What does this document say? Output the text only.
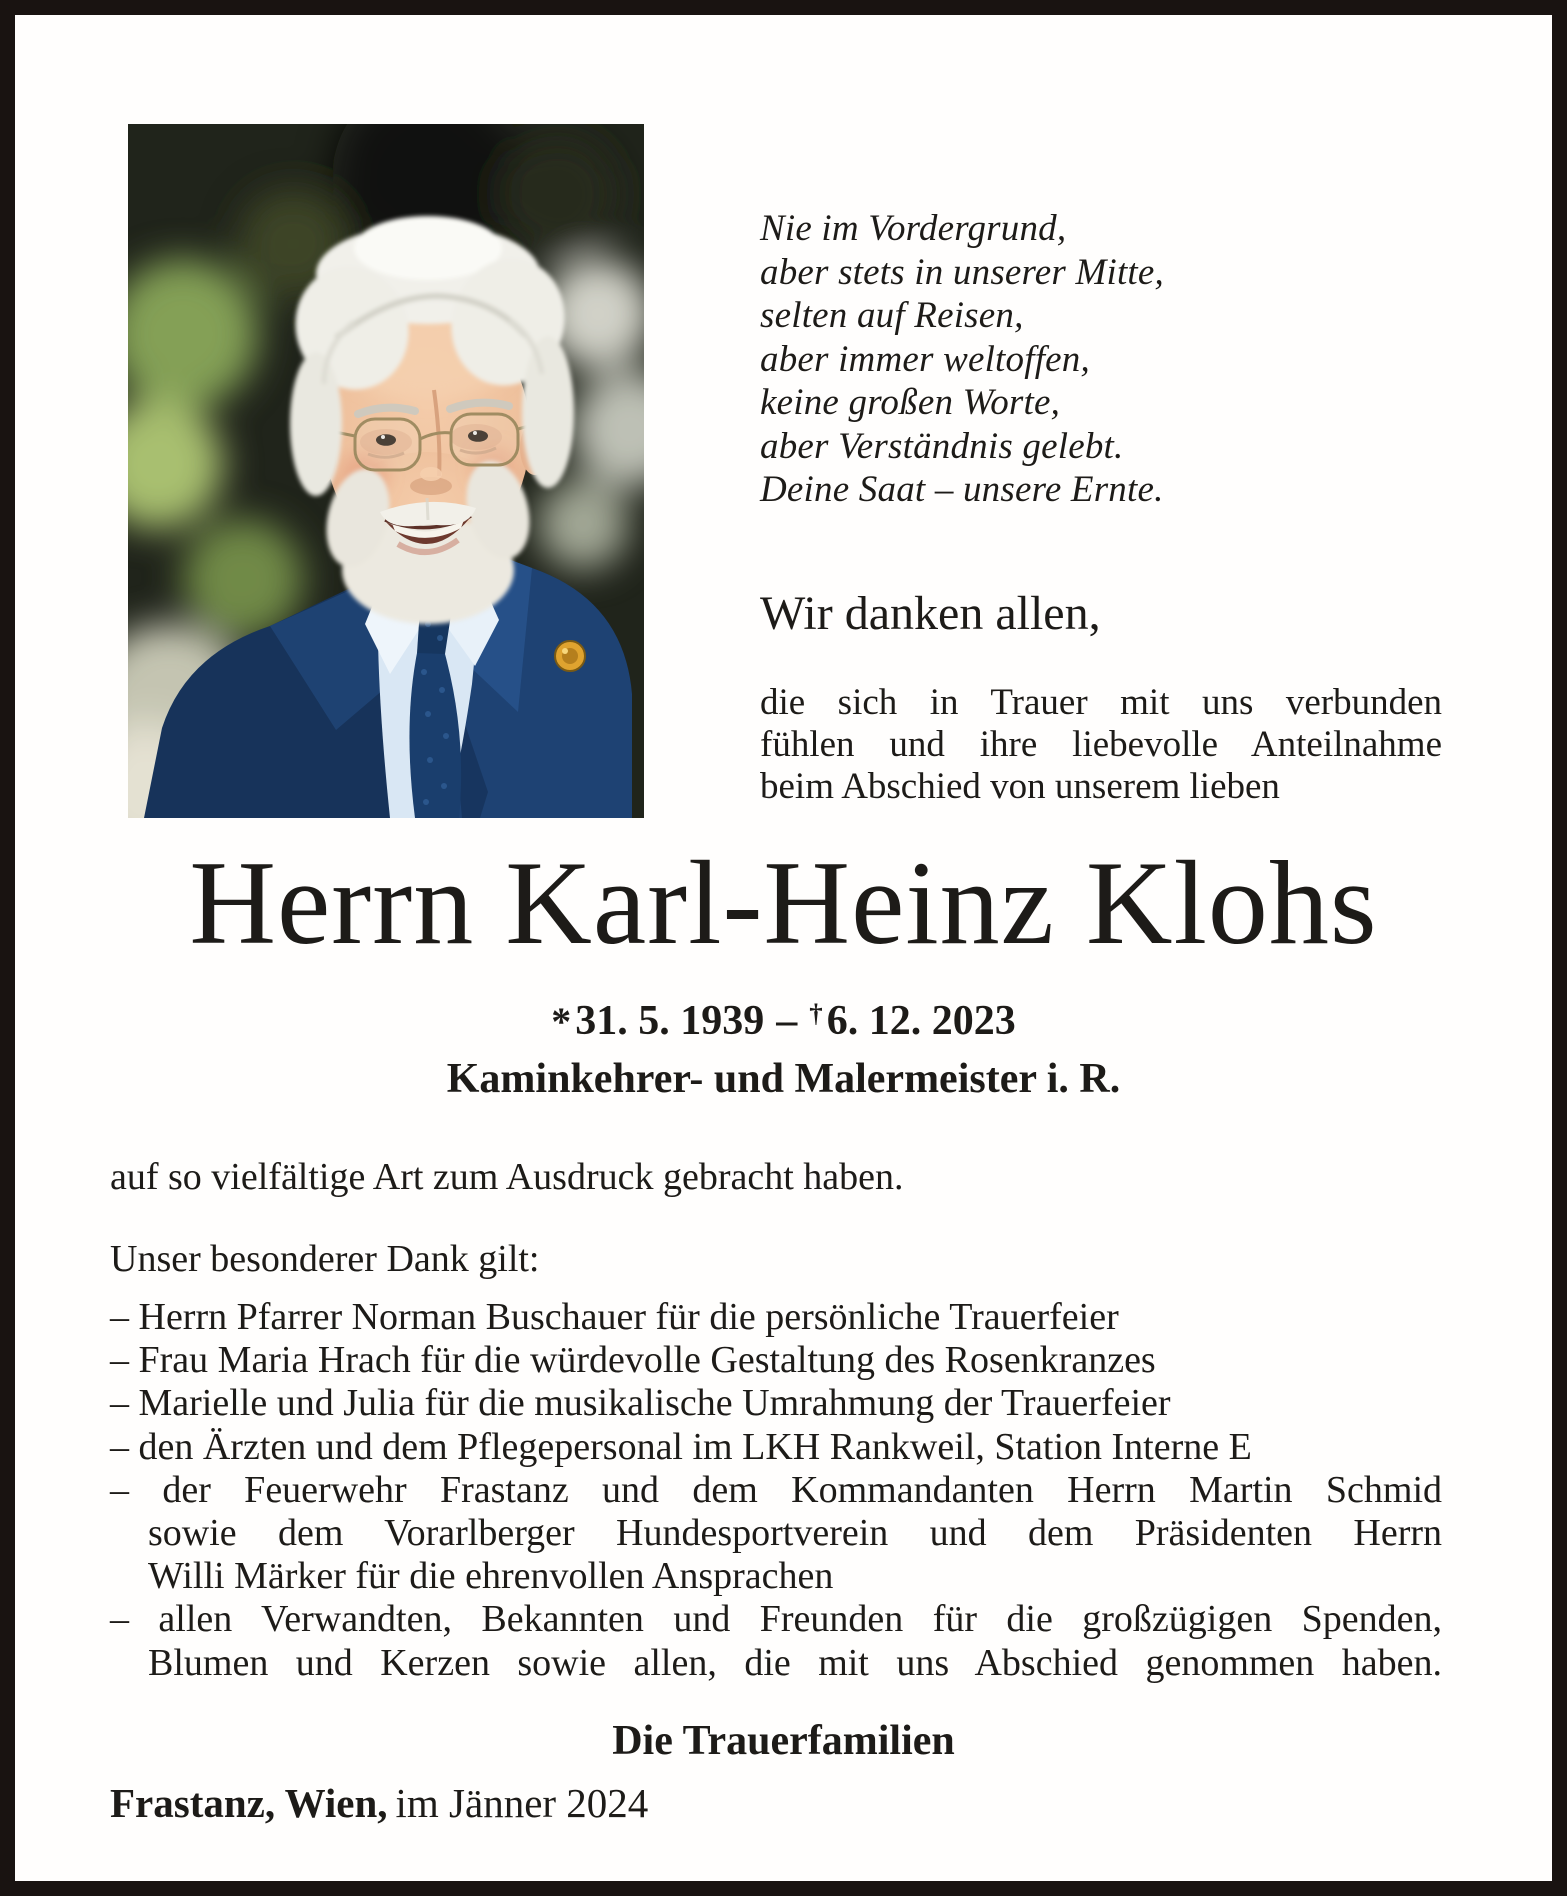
Nie im Vordergrund,
aber stets in unserer Mitte,
selten auf Reisen,
aber immer weltoffen,
keine großen Worte,
aber Verständnis gelebt.
Deine Saat – unsere Ernte.
Wir danken allen,
die sich in Trauer mit uns verbunden
fühlen und ihre liebevolle Anteilnahme
beim Abschied von unserem lieben
Herrn Karl-Heinz Klohs
*31. 5. 1939 – †6. 12. 2023
Kaminkehrer- und Malermeister i. R.
auf so vielfältige Art zum Ausdruck gebracht haben.
Unser besonderer Dank gilt:
– Herrn Pfarrer Norman Buschauer für die persönliche Trauerfeier
– Frau Maria Hrach für die würdevolle Gestaltung des Rosenkranzes
– Marielle und Julia für die musikalische Umrahmung der Trauerfeier
– den Ärzten und dem Pflegepersonal im LKH Rankweil, Station Interne E
– der Feuerwehr Frastanz und dem Kommandanten Herrn Martin Schmid
sowie dem Vorarlberger Hundesportverein und dem Präsidenten Herrn
Willi Märker für die ehrenvollen Ansprachen
– allen Verwandten, Bekannten und Freunden für die großzügigen Spenden,
Blumen und Kerzen sowie allen, die mit uns Abschied genommen haben.
Die Trauerfamilien
Frastanz, Wien, im Jänner 2024
